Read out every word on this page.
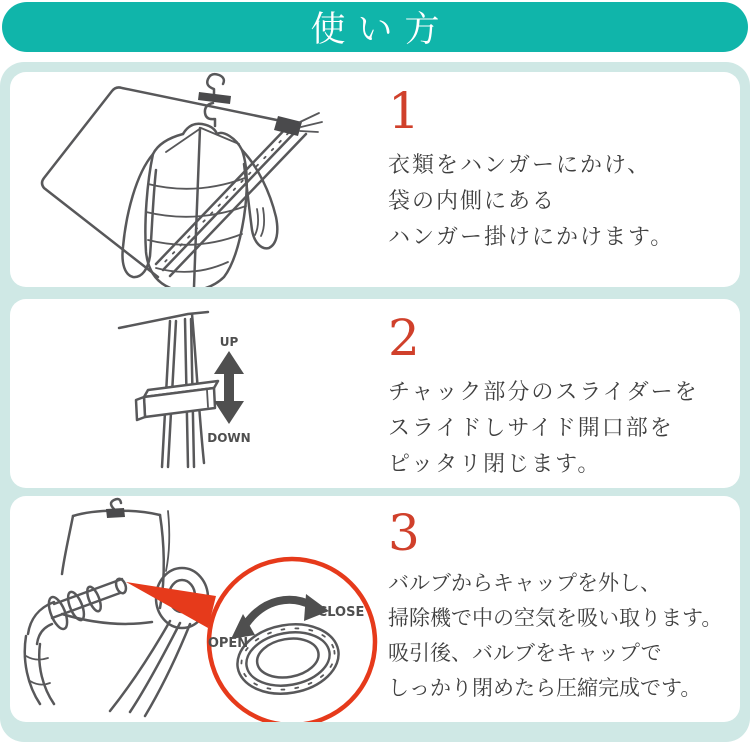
使い方
1
衣類をハンガーにかけ、
袋の内側にある
ハンガー掛けにかけます。
UP
DOWN
2
チャック部分のスライダーを
スライドしサイド開口部を
ピッタリ閉じます。
OPEN
CLOSE
3
バルブからキャップを外し、
掃除機で中の空気を吸い取ります。
吸引後、バルブをキャップで
しっかり閉めたら圧縮完成です。
